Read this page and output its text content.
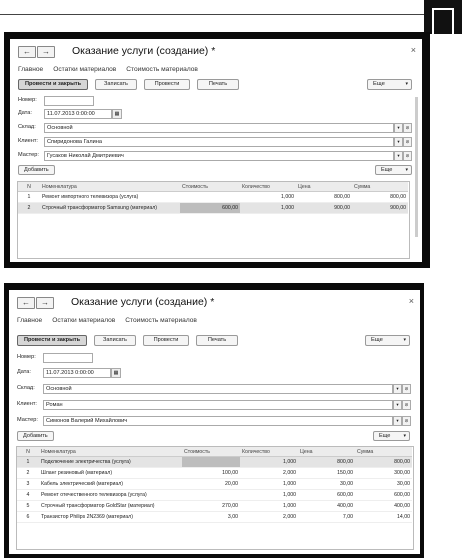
←	→	Оказание услуги (создание) *	×
Главное Остатки материалов Стоимость материалов
Провести и закрыть	Записать	Провести	Печать	Еще	▾
Номер:
Дата:	11.07.2013 0:00:00	▦
Склад:	Основной	▾	⊘
Клиент:	Спиридонова Галина	▾	⊘
Мастер:	Гусаков Николай Дмитриевич	▾	⊘
Добавить	Еще	▾
N	Номенклатура	Стоимость	Количество	Цена	Сумма
1	Ремонт импортного телевизора (услуга)		1,000	800,00	800,00
2	Строчный трансформатор Samsung (материал)	600,00	1,000	900,00	900,00
←	→	Оказание услуги (создание) *	×
Главное Остатки материалов Стоимость материалов
Провести и закрыть	Записать	Провести	Печать	Еще	▾
Номер:
Дата:	11.07.2013 0:00:00	▦
Склад:	Основной	▾	⊘
Клиент:	Роман	▾	⊘
Мастер:	Симонов Валерий Михайлович	▾	⊘
Добавить	Еще	▾
N	Номенклатура	Стоимость	Количество	Цена	Сумма
1	Подключение электричества (услуга)		1,000	800,00	800,00
2	Шланг резиновый (материал)	100,00	2,000	150,00	300,00
3	Кабель электрический (материал)	20,00	1,000	30,00	30,00
4	Ремонт отечественного телевизора (услуга)		1,000	600,00	600,00
5	Строчный трансформатор GoldStar (материал)	270,00	1,000	400,00	400,00
6	Транзистор Philips 2N2369 (материал)	3,00	2,000	7,00	14,00
